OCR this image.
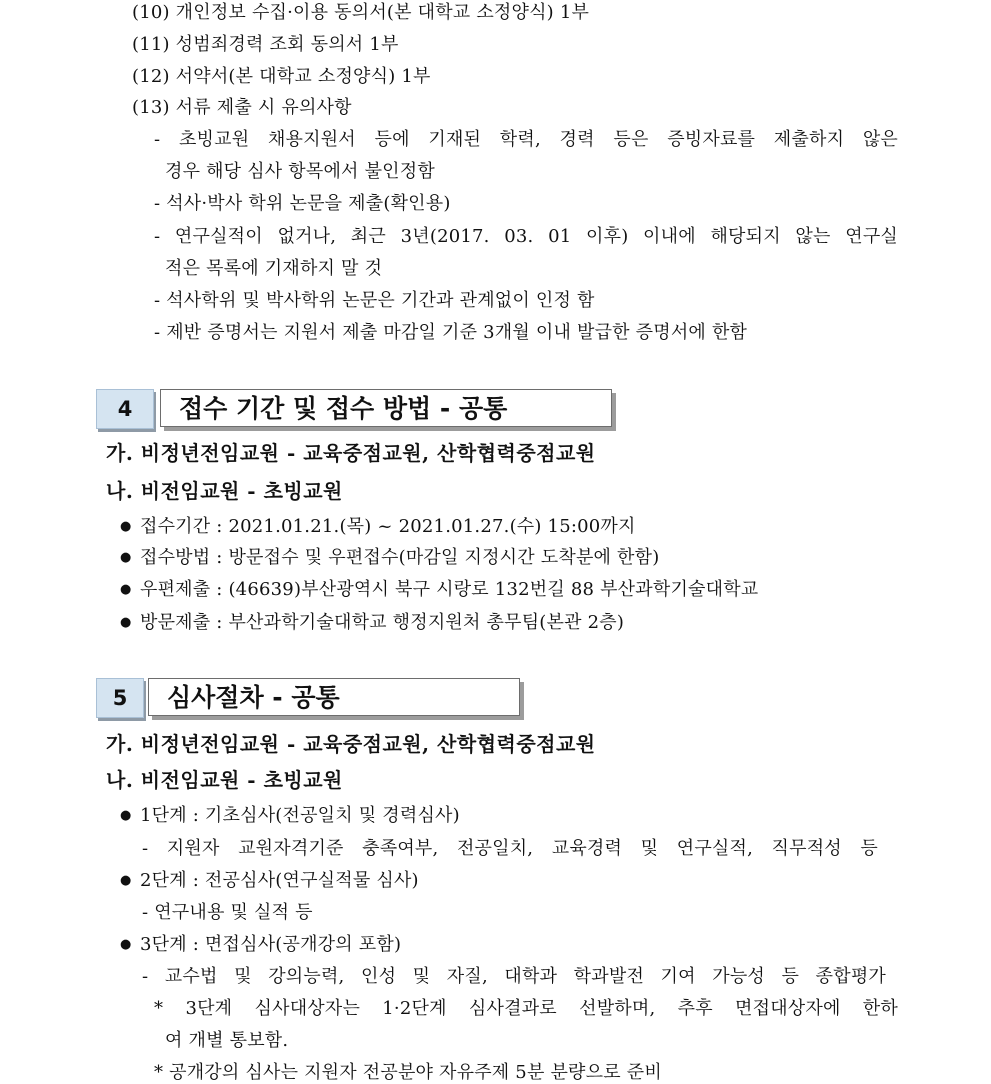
(10) 개인정보 수집·이용 동의서(본 대학교 소정양식) 1부
(11) 성범죄경력 조회 동의서 1부
(12) 서약서(본 대학교 소정양식) 1부
(13) 서류 제출 시 유의사항
- 초빙교원 채용지원서 등에 기재된 학력, 경력 등은 증빙자료를 제출하지 않은
경우 해당 심사 항목에서 불인정함
- 석사·박사 학위 논문을 제출(확인용)
- 연구실적이 없거나, 최근 3년(2017. 03. 01 이후) 이내에 해당되지 않는 연구실
적은 목록에 기재하지 말 것
- 석사학위 및 박사학위 논문은 기간과 관계없이 인정 함
- 제반 증명서는 지원서 제출 마감일 기준 3개월 이내 발급한 증명서에 한함
4	접수 기간 및 접수 방법 - 공통
가. 비정년전임교원 - 교육중점교원, 산학협력중점교원
나. 비전임교원 - 초빙교원
● 접수기간 : 2021.01.21.(목) ~ 2021.01.27.(수) 15:00까지
● 접수방법 : 방문접수 및 우편접수(마감일 지정시간 도착분에 한함)
● 우편제출 : (46639)부산광역시 북구 시랑로 132번길 88 부산과학기술대학교
● 방문제출 : 부산과학기술대학교 행정지원처 총무팀(본관 2층)
5	심사절차 - 공통
가. 비정년전임교원 - 교육중점교원, 산학협력중점교원
나. 비전임교원 - 초빙교원
● 1단계 : 기초심사(전공일치 및 경력심사)
- 지원자 교원자격기준 충족여부, 전공일치, 교육경력 및 연구실적, 직무적성 등
● 2단계 : 전공심사(연구실적물 심사)
- 연구내용 및 실적 등
● 3단계 : 면접심사(공개강의 포함)
- 교수법 및 강의능력, 인성 및 자질, 대학과 학과발전 기여 가능성 등 종합평가
* 3단계 심사대상자는 1·2단계 심사결과로 선발하며, 추후 면접대상자에 한하
여 개별 통보함.
* 공개강의 심사는 지원자 전공분야 자유주제 5분 분량으로 준비
